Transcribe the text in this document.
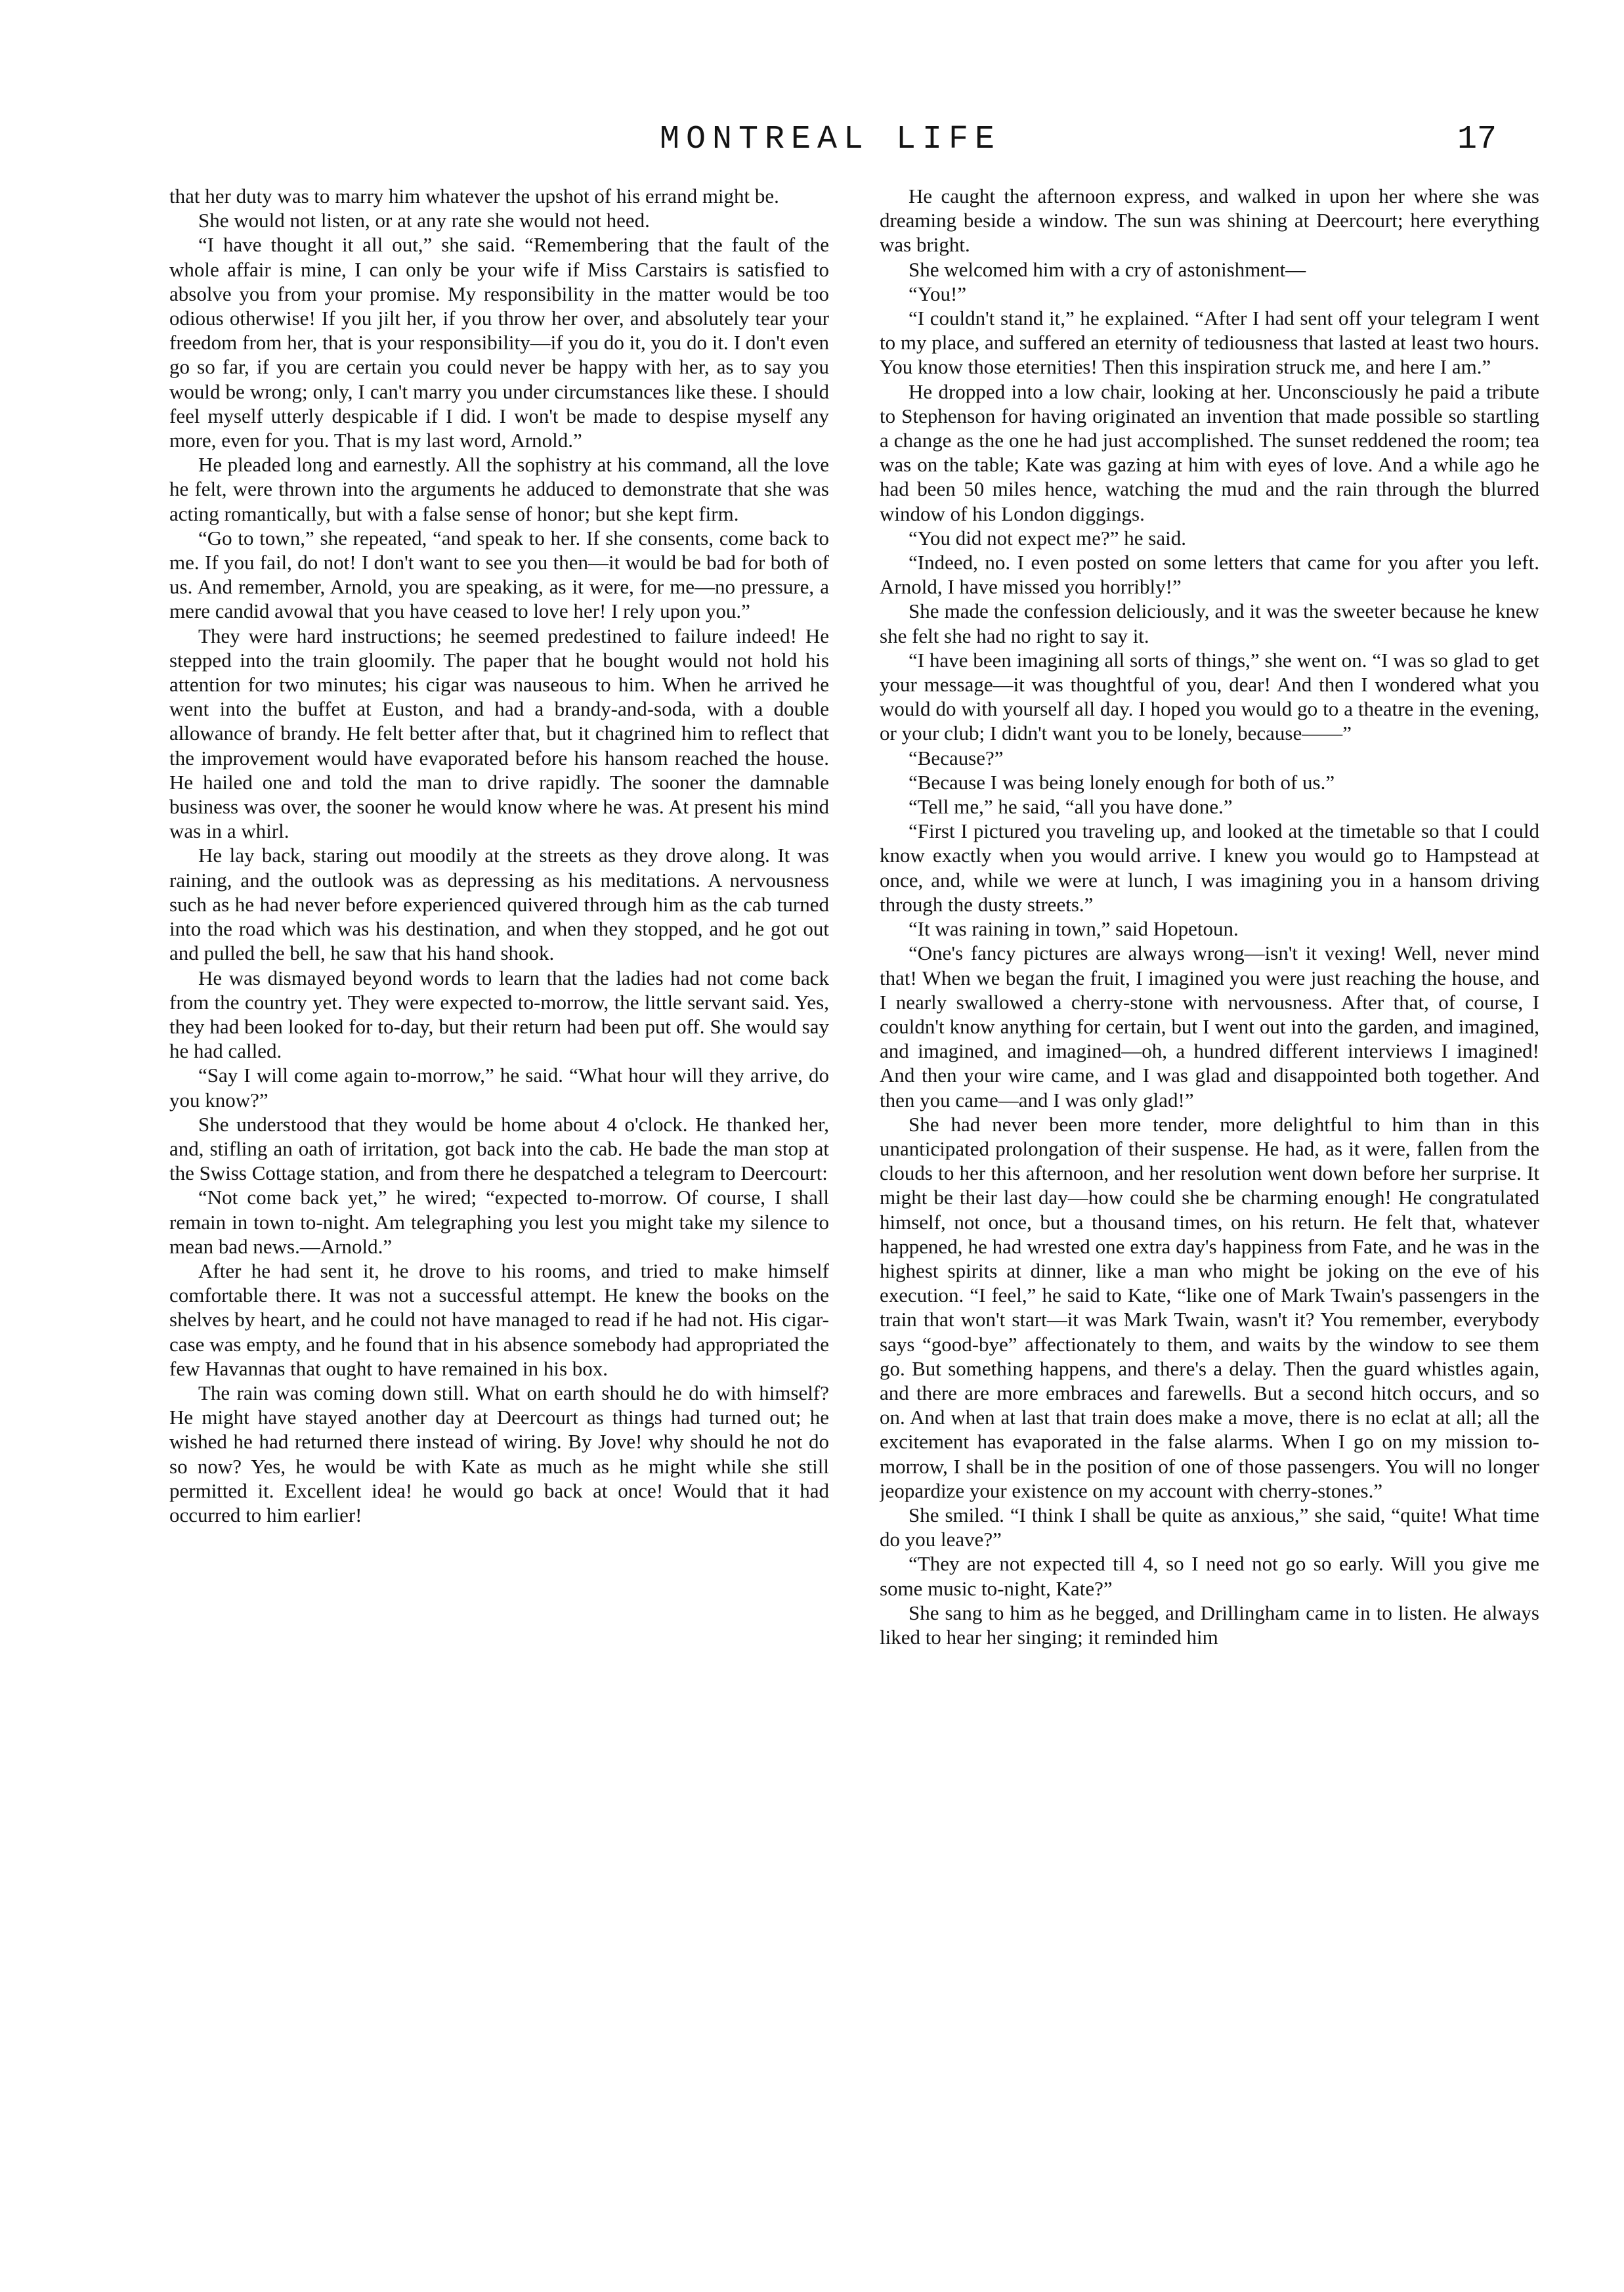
MONTREAL LIFE	17

that her duty was to marry him whatever the upshot of his errand might be.

She would not listen, or at any rate she would not heed.

“I have thought it all out,” she said. “Remembering that the fault of the whole affair is mine, I can only be your wife if Miss Carstairs is satisfied to absolve you from your promise. My responsibility in the matter would be too odious otherwise! If you jilt her, if you throw her over, and absolutely tear your freedom from her, that is your responsibility—if you do it, you do it. I don't even go so far, if you are certain you could never be happy with her, as to say you would be wrong; only, I can't marry you under circumstances like these. I should feel myself utterly despicable if I did. I won't be made to despise myself any more, even for you. That is my last word, Arnold.”

He pleaded long and earnestly. All the sophistry at his command, all the love he felt, were thrown into the arguments he adduced to demonstrate that she was acting romantically, but with a false sense of honor; but she kept firm.

“Go to town,” she repeated, “and speak to her. If she consents, come back to me. If you fail, do not! I don't want to see you then—it would be bad for both of us. And remember, Arnold, you are speaking, as it were, for me—no pressure, a mere candid avowal that you have ceased to love her! I rely upon you.”

They were hard instructions; he seemed predestined to failure indeed! He stepped into the train gloomily. The paper that he bought would not hold his attention for two minutes; his cigar was nauseous to him. When he arrived he went into the buffet at Euston, and had a brandy-and-soda, with a double allowance of brandy. He felt better after that, but it chagrined him to reflect that the improvement would have evaporated before his hansom reached the house. He hailed one and told the man to drive rapidly. The sooner the damnable business was over, the sooner he would know where he was. At present his mind was in a whirl.

He lay back, staring out moodily at the streets as they drove along. It was raining, and the outlook was as depressing as his meditations. A nervousness such as he had never before experienced quivered through him as the cab turned into the road which was his destination, and when they stopped, and he got out and pulled the bell, he saw that his hand shook.

He was dismayed beyond words to learn that the ladies had not come back from the country yet. They were expected to-morrow, the little servant said. Yes, they had been looked for to-day, but their return had been put off. She would say he had called.

“Say I will come again to-morrow,” he said. “What hour will they arrive, do you know?”

She understood that they would be home about 4 o'clock. He thanked her, and, stifling an oath of irritation, got back into the cab. He bade the man stop at the Swiss Cottage station, and from there he despatched a telegram to Deercourt:

“Not come back yet,” he wired; “expected to-morrow. Of course, I shall remain in town to-night. Am telegraphing you lest you might take my silence to mean bad news.—Arnold.”

After he had sent it, he drove to his rooms, and tried to make himself comfortable there. It was not a successful attempt. He knew the books on the shelves by heart, and he could not have managed to read if he had not. His cigar-case was empty, and he found that in his absence somebody had appropriated the few Havannas that ought to have remained in his box.

The rain was coming down still. What on earth should he do with himself? He might have stayed another day at Deercourt as things had turned out; he wished he had returned there instead of wiring. By Jove! why should he not do so now? Yes, he would be with Kate as much as he might while she still permitted it. Excellent idea! he would go back at once! Would that it had occurred to him earlier!

He caught the afternoon express, and walked in upon her where she was dreaming beside a window. The sun was shining at Deercourt; here everything was bright.

She welcomed him with a cry of astonishment—

“You!”

“I couldn't stand it,” he explained. “After I had sent off your telegram I went to my place, and suffered an eternity of tediousness that lasted at least two hours. You know those eternities! Then this inspiration struck me, and here I am.”

He dropped into a low chair, looking at her. Unconsciously he paid a tribute to Stephenson for having originated an invention that made possible so startling a change as the one he had just accomplished. The sunset reddened the room; tea was on the table; Kate was gazing at him with eyes of love. And a while ago he had been 50 miles hence, watching the mud and the rain through the blurred window of his London diggings.

“You did not expect me?” he said.

“Indeed, no. I even posted on some letters that came for you after you left. Arnold, I have missed you horribly!”

She made the confession deliciously, and it was the sweeter because he knew she felt she had no right to say it.

“I have been imagining all sorts of things,” she went on. “I was so glad to get your message—it was thoughtful of you, dear! And then I wondered what you would do with yourself all day. I hoped you would go to a theatre in the evening, or your club; I didn't want you to be lonely, because——”

“Because?”

“Because I was being lonely enough for both of us.”

“Tell me,” he said, “all you have done.”

“First I pictured you traveling up, and looked at the timetable so that I could know exactly when you would arrive. I knew you would go to Hampstead at once, and, while we were at lunch, I was imagining you in a hansom driving through the dusty streets.”

“It was raining in town,” said Hopetoun.

“One's fancy pictures are always wrong—isn't it vexing! Well, never mind that! When we began the fruit, I imagined you were just reaching the house, and I nearly swallowed a cherry-stone with nervousness. After that, of course, I couldn't know anything for certain, but I went out into the garden, and imagined, and imagined, and imagined—oh, a hundred different interviews I imagined! And then your wire came, and I was glad and disappointed both together. And then you came—and I was only glad!”

She had never been more tender, more delightful to him than in this unanticipated prolongation of their suspense. He had, as it were, fallen from the clouds to her this afternoon, and her resolution went down before her surprise. It might be their last day—how could she be charming enough! He congratulated himself, not once, but a thousand times, on his return. He felt that, whatever happened, he had wrested one extra day's happiness from Fate, and he was in the highest spirits at dinner, like a man who might be joking on the eve of his execution. “I feel,” he said to Kate, “like one of Mark Twain's passengers in the train that won't start—it was Mark Twain, wasn't it? You remember, everybody says “good-bye” affectionately to them, and waits by the window to see them go. But something happens, and there's a delay. Then the guard whistles again, and there are more embraces and farewells. But a second hitch occurs, and so on. And when at last that train does make a move, there is no eclat at all; all the excitement has evaporated in the false alarms. When I go on my mission to-morrow, I shall be in the position of one of those passengers. You will no longer jeopardize your existence on my account with cherry-stones.”

She smiled. “I think I shall be quite as anxious,” she said, “quite! What time do you leave?”

“They are not expected till 4, so I need not go so early. Will you give me some music to-night, Kate?”

She sang to him as he begged, and Drillingham came in to listen. He always liked to hear her singing; it reminded him
